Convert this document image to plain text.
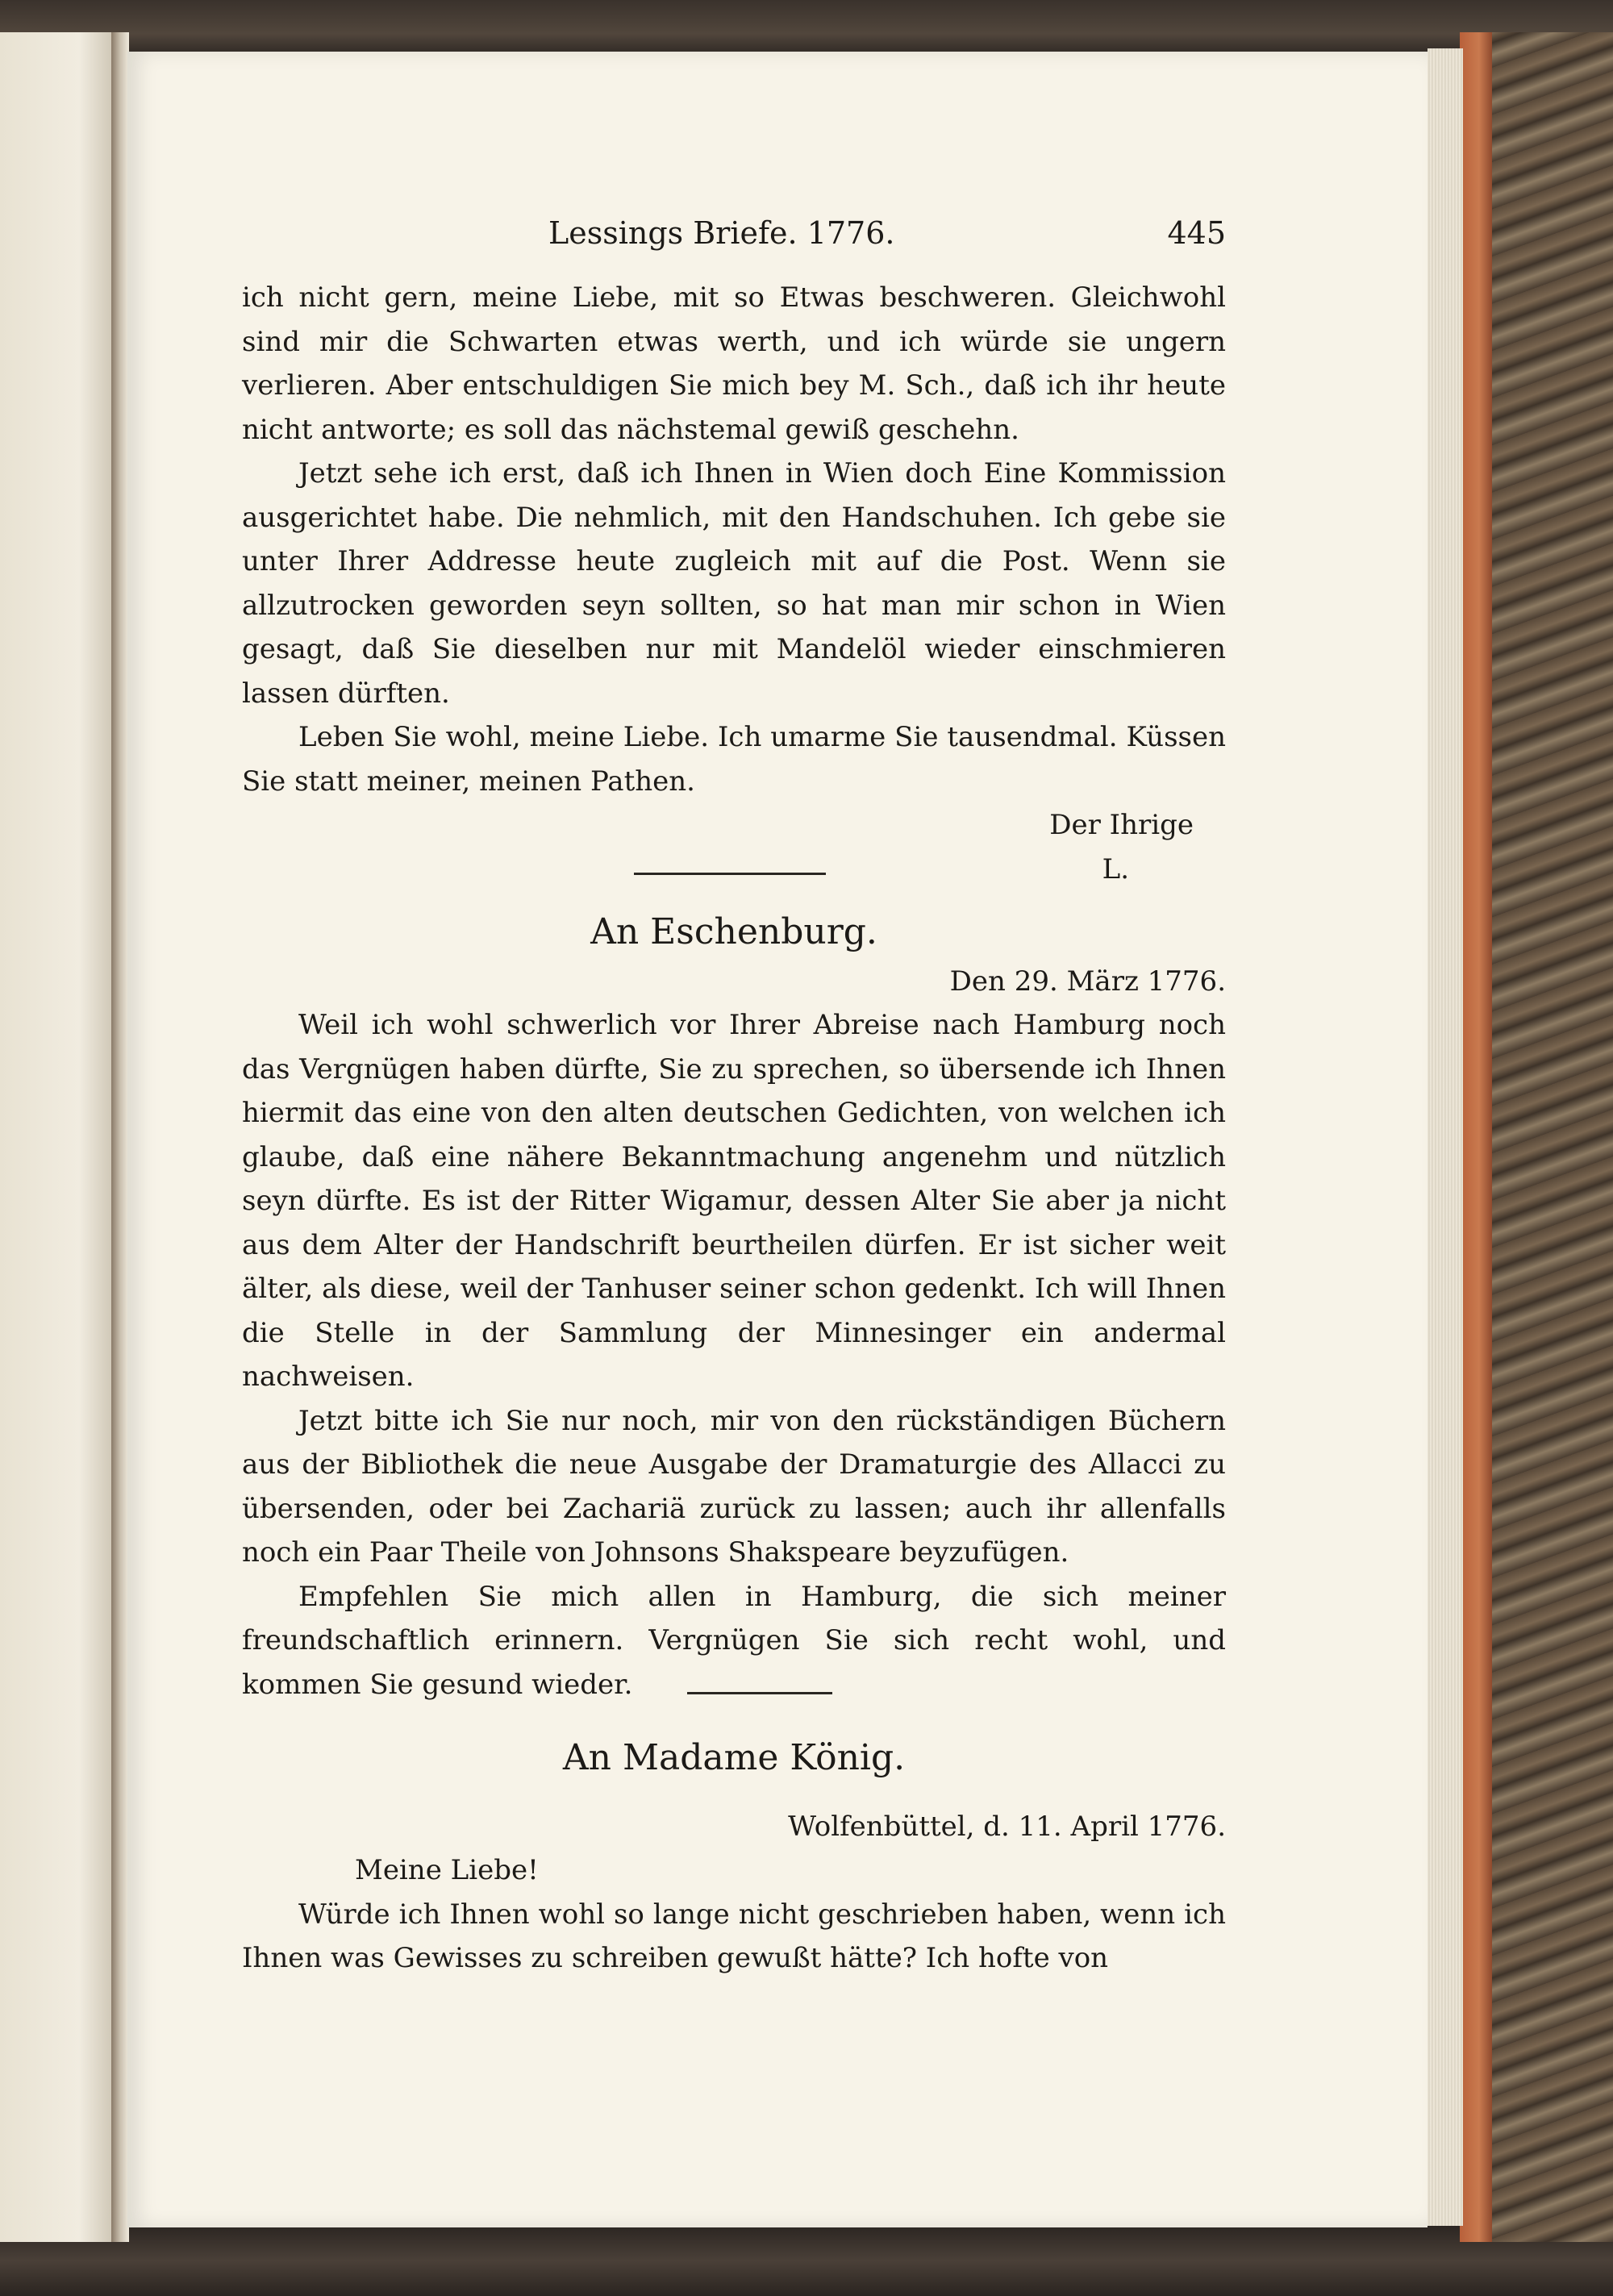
Lessings Briefe. 1776.	445

ich nicht gern, meine Liebe, mit so Etwas beschweren. Gleichwohl sind mir die Schwarten etwas werth, und ich würde sie ungern verlieren. Aber entschuldigen Sie mich bey M. Sch., daß ich ihr heute nicht antworte; es soll das nächstemal gewiß geschehn.

Jetzt sehe ich erst, daß ich Ihnen in Wien doch Eine Kommission ausgerichtet habe. Die nehmlich, mit den Handschuhen. Ich gebe sie unter Ihrer Addresse heute zugleich mit auf die Post. Wenn sie allzutrocken geworden seyn sollten, so hat man mir schon in Wien gesagt, daß Sie dieselben nur mit Mandelöl wieder einschmieren lassen dürften.

Leben Sie wohl, meine Liebe. Ich umarme Sie tausendmal. Küssen Sie statt meiner, meinen Pathen.

Der Ihrige

L.

An Eschenburg.
Den 29. März 1776.

Weil ich wohl schwerlich vor Ihrer Abreise nach Hamburg noch das Vergnügen haben dürfte, Sie zu sprechen, so übersende ich Ihnen hiermit das eine von den alten deutschen Gedichten, von welchen ich glaube, daß eine nähere Bekanntmachung angenehm und nützlich seyn dürfte. Es ist der Ritter Wigamur, dessen Alter Sie aber ja nicht aus dem Alter der Handschrift beurtheilen dürfen. Er ist sicher weit älter, als diese, weil der Tanhuser seiner schon gedenkt. Ich will Ihnen die Stelle in der Sammlung der Minnesinger ein andermal nachweisen.

Jetzt bitte ich Sie nur noch, mir von den rückständigen Büchern aus der Bibliothek die neue Ausgabe der Dramaturgie des Allacci zu übersenden, oder bei Zachariä zurück zu lassen; auch ihr allenfalls noch ein Paar Theile von Johnsons Shakspeare beyzufügen.

Empfehlen Sie mich allen in Hamburg, die sich meiner freundschaftlich erinnern. Vergnügen Sie sich recht wohl, und kommen Sie gesund wieder.

An Madame König.
Wolfenbüttel, d. 11. April 1776.

Meine Liebe!

Würde ich Ihnen wohl so lange nicht geschrieben haben, wenn ich Ihnen was Gewisses zu schreiben gewußt hätte? Ich hofte von
